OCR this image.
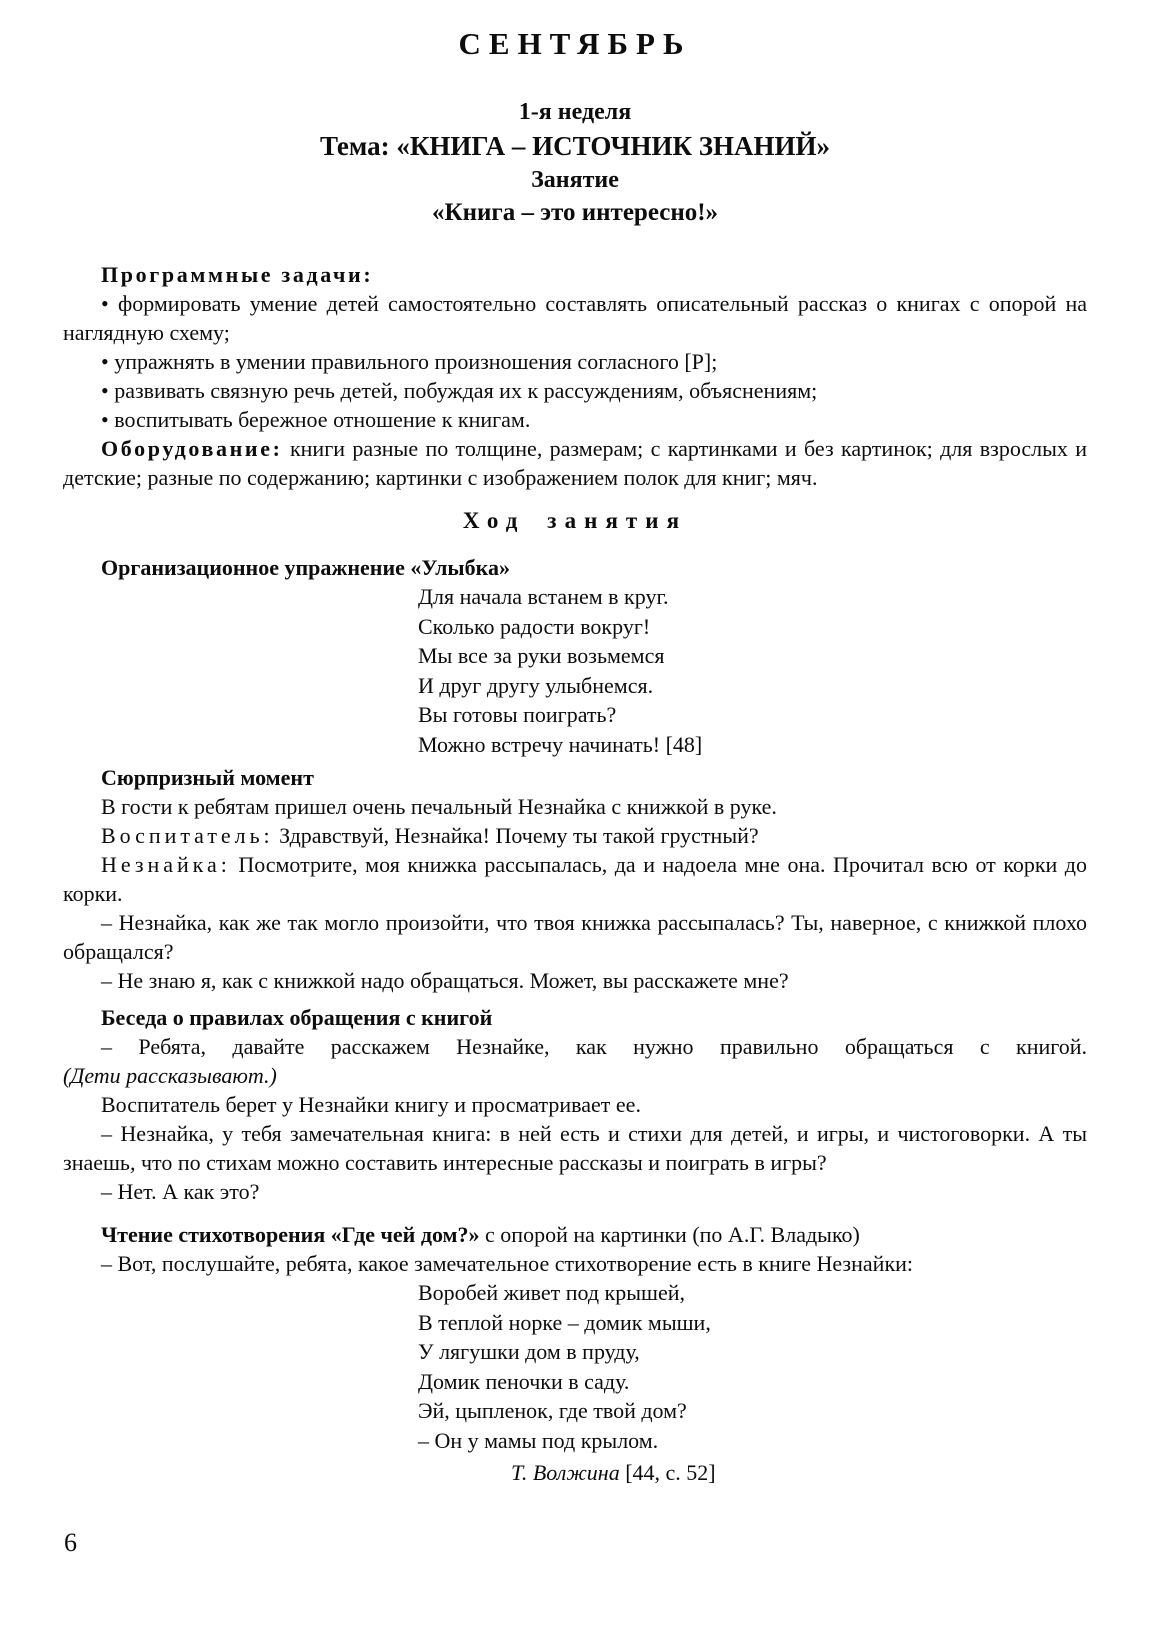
СЕНТЯБРЬ
1-я неделя
Тема: «КНИГА – ИСТОЧНИК ЗНАНИЙ»
Занятие
«Книга – это интересно!»

Программные задачи:

• формировать умение детей самостоятельно составлять описательный рассказ о книгах с опорой на наглядную схему;

• упражнять в умении правильного произношения согласного [Р];

• развивать связную речь детей, побуждая их к рассуждениям, объяснениям;

• воспитывать бережное отношение к книгам.

Оборудование: книги разные по толщине, размерам; с картинками и без картинок; для взрослых и детские; разные по содержанию; картинки с изображением полок для книг; мяч.

Ход занятия

Организационное упражнение «Улыбка»

Для начала встанем в круг.
Сколько радости вокруг!
Мы все за руки возьмемся
И друг другу улыбнемся.
Вы готовы поиграть?
Можно встречу начинать! [48]

Сюрпризный момент

В гости к ребятам пришел очень печальный Незнайка с книжкой в руке.

Воспитатель: Здравствуй, Незнайка! Почему ты такой грустный?

Незнайка: Посмотрите, моя книжка рассыпалась, да и надоела мне она. Прочитал всю от корки до корки.

– Незнайка, как же так могло произойти, что твоя книжка рассыпалась? Ты, наверное, с книжкой плохо обращался?

– Не знаю я, как с книжкой надо обращаться. Может, вы расскажете мне?

Беседа о правилах обращения с книгой

– Ребята, давайте расскажем Незнайке, как нужно правильно обращаться с книгой.

(Дети рассказывают.)

Воспитатель берет у Незнайки книгу и просматривает ее.

– Незнайка, у тебя замечательная книга: в ней есть и стихи для детей, и игры, и чистоговорки. А ты знаешь, что по стихам можно составить интересные рассказы и поиграть в игры?

– Нет. А как это?

Чтение стихотворения «Где чей дом?» с опорой на картинки (по А.Г. Владыко)

– Вот, послушайте, ребята, какое замечательное стихотворение есть в книге Незнайки:

Воробей живет под крышей,
В теплой норке – домик мыши,
У лягушки дом в пруду,
Домик пеночки в саду.
Эй, цыпленок, где твой дом?
– Он у мамы под крылом.

Т. Волжина [44, с. 52]

6
